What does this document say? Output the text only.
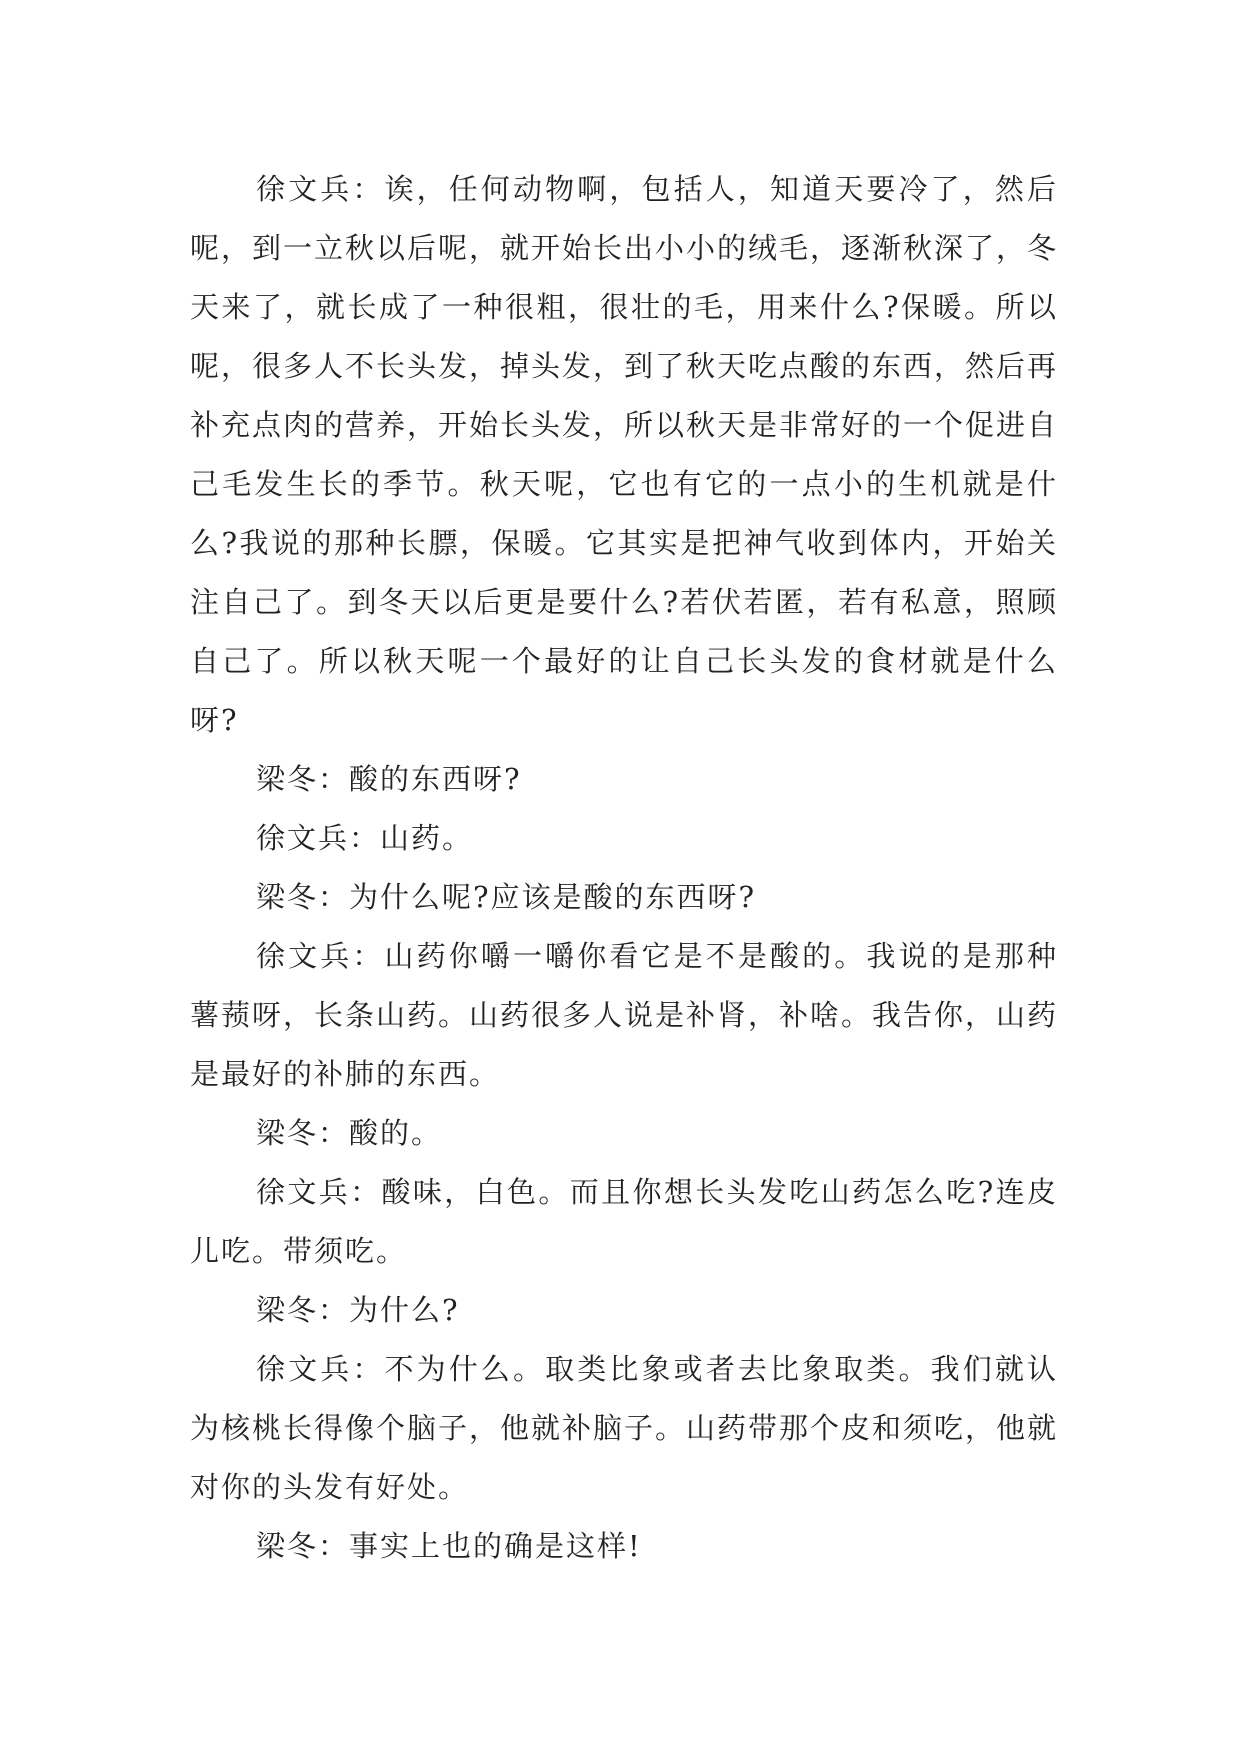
徐文兵：诶，任何动物啊，包括人，知道天要冷了，然后呢，到一立秋以后呢，就开始长出小小的绒毛，逐渐秋深了，冬天来了，就长成了一种很粗，很壮的毛，用来什么?保暖。所以呢，很多人不长头发，掉头发，到了秋天吃点酸的东西，然后再补充点肉的营养，开始长头发，所以秋天是非常好的一个促进自己毛发生长的季节。秋天呢，它也有它的一点小的生机就是什么?我说的那种长膘，保暖。它其实是把神气收到体内，开始关注自己了。到冬天以后更是要什么?若伏若匿，若有私意，照顾自己了。所以秋天呢一个最好的让自己长头发的食材就是什么呀?

梁冬：酸的东西呀?

徐文兵：山药。

梁冬：为什么呢?应该是酸的东西呀?

徐文兵：山药你嚼一嚼你看它是不是酸的。我说的是那种薯蓣呀，长条山药。山药很多人说是补肾，补啥。我告你，山药是最好的补肺的东西。

梁冬：酸的。

徐文兵：酸味，白色。而且你想长头发吃山药怎么吃?连皮儿吃。带须吃。

梁冬：为什么?

徐文兵：不为什么。取类比象或者去比象取类。我们就认为核桃长得像个脑子，他就补脑子。山药带那个皮和须吃，他就对你的头发有好处。

梁冬：事实上也的确是这样!
